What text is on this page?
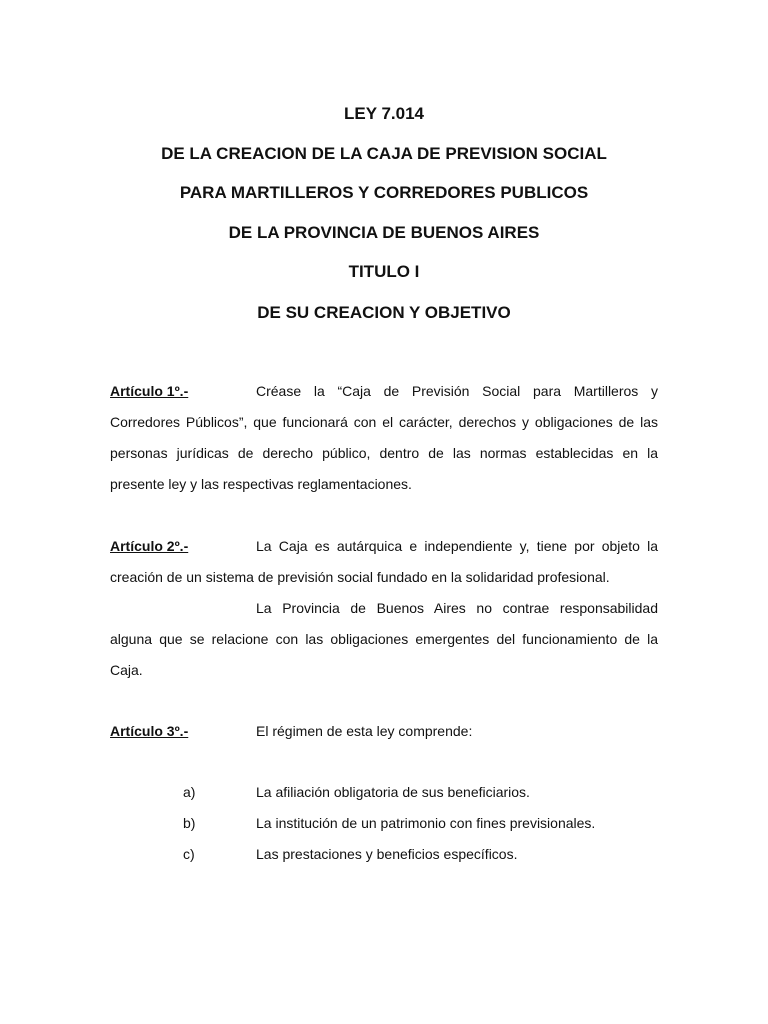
LEY 7.014
DE LA CREACION DE LA CAJA DE PREVISION SOCIAL
PARA MARTILLEROS Y CORREDORES PUBLICOS
DE LA PROVINCIA DE BUENOS AIRES
TITULO I
DE SU CREACION Y OBJETIVO
Artículo 1º.-	Créase la “Caja de Previsión Social para Martilleros y
Corredores Públicos”, que funcionará con el carácter, derechos y obligaciones de las
personas jurídicas de derecho público, dentro de las normas establecidas en la
presente ley y las respectivas reglamentaciones.
Artículo 2º.-	La Caja es autárquica e independiente y, tiene por objeto la
creación de un sistema de previsión social fundado en la solidaridad profesional.
La Provincia de Buenos Aires no contrae responsabilidad
alguna que se relacione con las obligaciones emergentes del funcionamiento de la
Caja.
Artículo 3º.-	El régimen de esta ley comprende:
a)	La afiliación obligatoria de sus beneficiarios.
b)	La institución de un patrimonio con fines previsionales.
c)	Las prestaciones y beneficios específicos.
